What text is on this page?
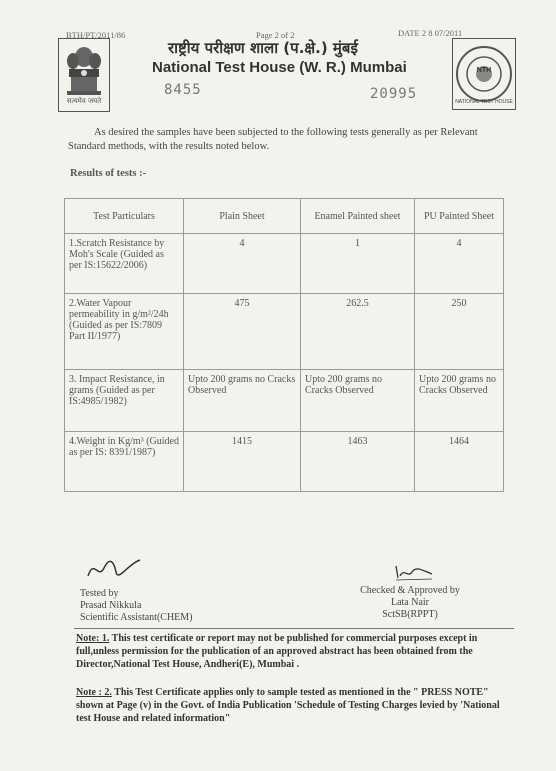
BTH/PT/2011/86	Page 2 of 2	DATE 2 8 07/2011
सत्यमेव जयते
राष्ट्रीय परीक्षण शाला (प.क्षे.) मुंबई
National Test House (W. R.) Mumbai
8455	20995
NTH
NATIONAL TEST HOUSE
As desired the samples have been subjected to the following tests generally as per Relevant Standard methods, with the results noted below.
Results of tests :-
Test Particulars	Plain Sheet	Enamel Painted sheet	PU Painted Sheet
1.Scratch Resistance by Moh's Scale (Guided as per IS:15622/2006)	4	1	4
2.Water Vapour permeability in g/m²/24h (Guided as per IS:7809 Part II/1977)	475	262.5	250
3. Impact Resistance, in grams (Guided as per IS:4985/1982)	Upto 200 grams no Cracks Observed	Upto 200 grams no Cracks Observed	Upto 200 grams no Cracks Observed
4.Weight in Kg/m³ (Guided as per IS: 8391/1987)	1415	1463	1464
Tested by
Prasad Nikkula
Scientific Assistant(CHEM)
Checked & Approved by
Lata Nair
SctSB(RPPT)
Note: 1. This test certificate or report may not be published for commercial purposes except in full,unless permission for the publication of an approved abstract has been obtained from the Director,National Test House, Andheri(E), Mumbai .
Note : 2. This Test Certificate applies only to sample tested as mentioned in the " PRESS NOTE" shown at Page (v) in the Govt. of India Publication 'Schedule of Testing Charges levied by 'National test House and related information"
